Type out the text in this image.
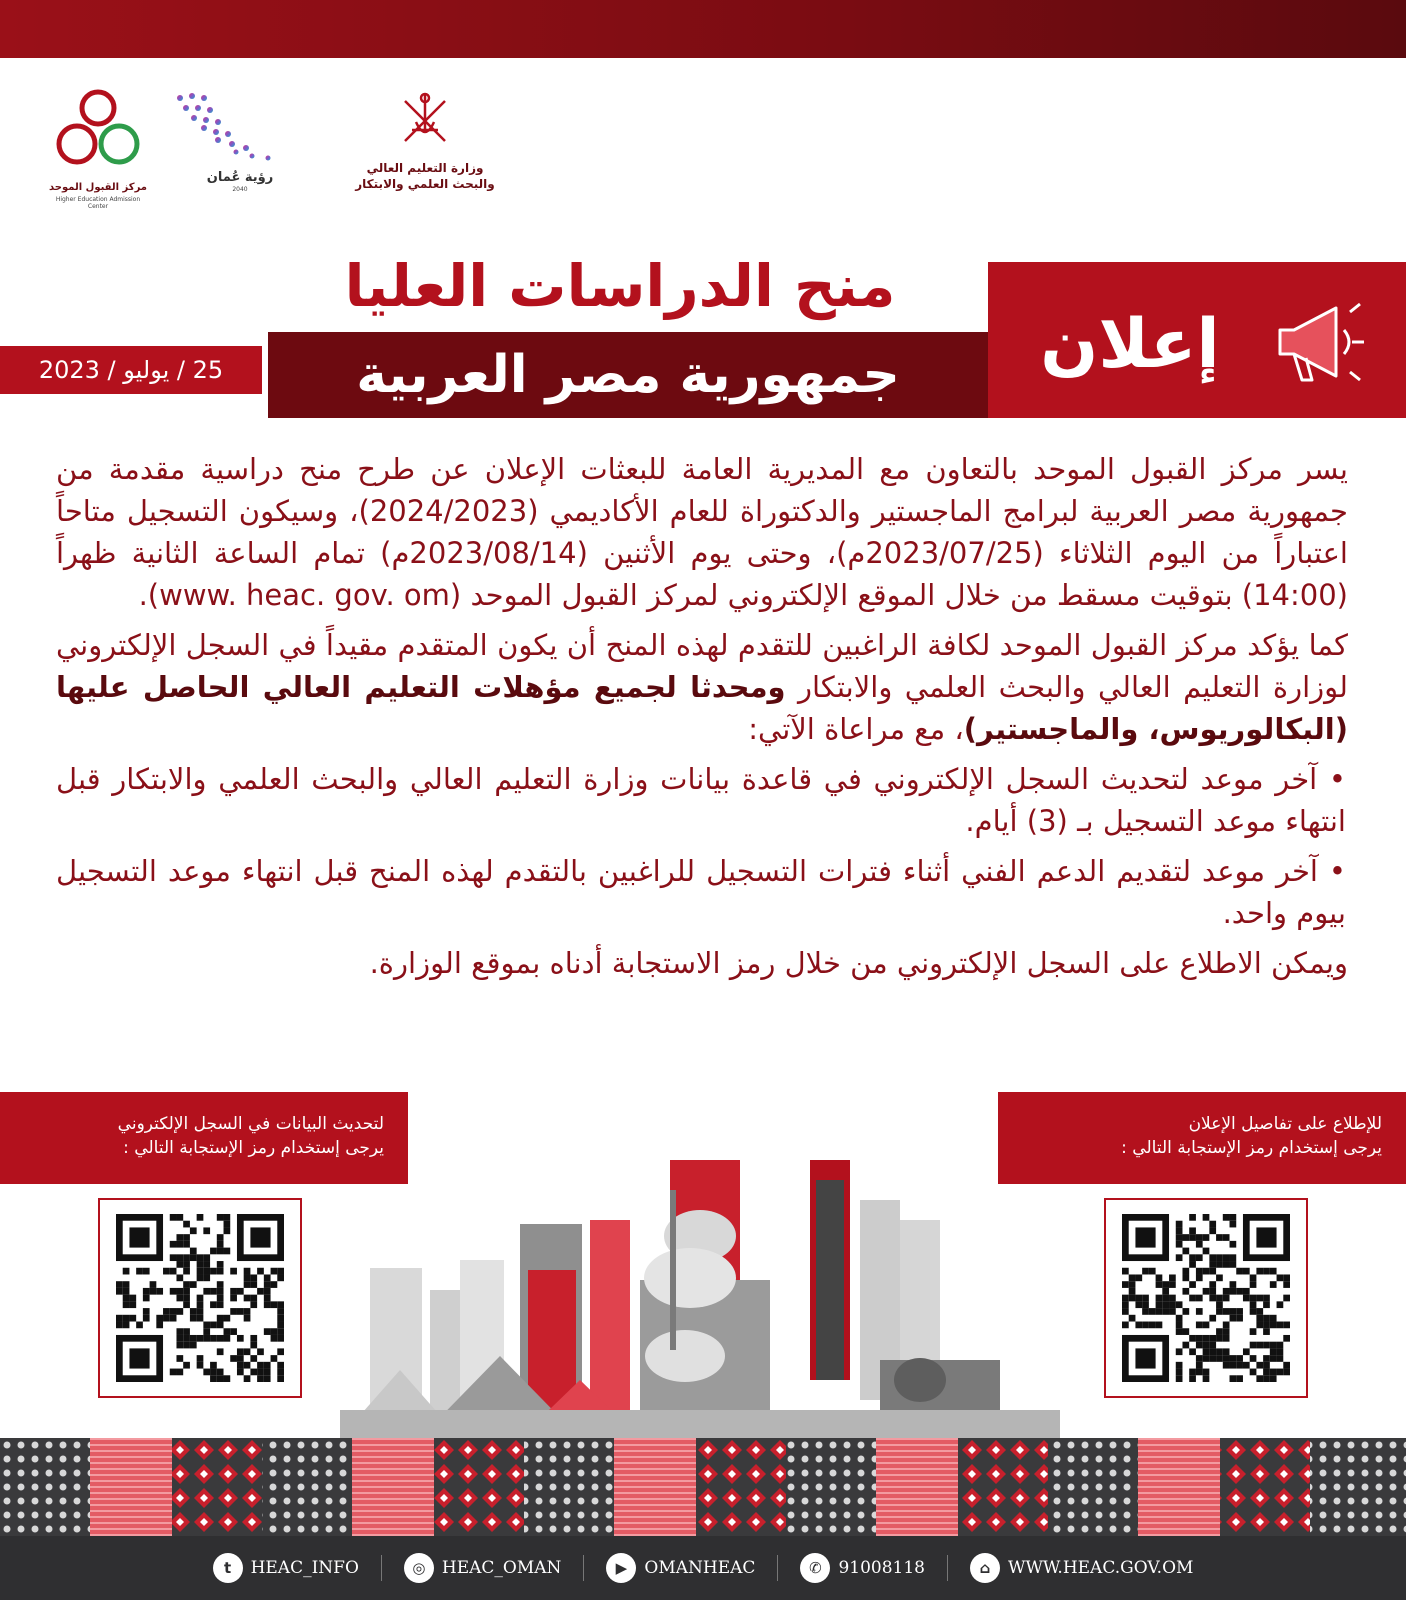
وزارة التعليم العالي
والبحث العلمي والابتكار
رؤية عُمان
2040
مركز القبول الموحد
Higher Education Admission Center
إعلان
منح الدراسات العليا
جمهورية مصر العربية
25 / يوليو / 2023

يسر مركز القبول الموحد بالتعاون مع المديرية العامة للبعثات الإعلان عن طرح منح دراسية مقدمة من جمهورية مصر العربية لبرامج الماجستير والدكتوراة للعام الأكاديمي (2024/2023)، وسيكون التسجيل متاحاً اعتباراً من اليوم الثلاثاء (2023/07/25م)، وحتى يوم الأثنين (2023/08/14م) تمام الساعة الثانية ظهراً (14:00) بتوقيت مسقط من خلال الموقع الإلكتروني لمركز القبول الموحد (www. heac. gov. om).

كما يؤكد مركز القبول الموحد لكافة الراغبين للتقدم لهذه المنح أن يكون المتقدم مقيداً في السجل الإلكتروني لوزارة التعليم العالي والبحث العلمي والابتكار ومحدثا لجميع مؤهلات التعليم العالي الحاصل عليها (البكالوريوس، والماجستير)، مع مراعاة الآتي:

• آخر موعد لتحديث السجل الإلكتروني في قاعدة بيانات وزارة التعليم العالي والبحث العلمي والابتكار قبل انتهاء موعد التسجيل بـ (3) أيام.

• آخر موعد لتقديم الدعم الفني أثناء فترات التسجيل للراغبين بالتقدم لهذه المنح قبل انتهاء موعد التسجيل بيوم واحد.

ويمكن الاطلاع على السجل الإلكتروني من خلال رمز الاستجابة أدناه بموقع الوزارة.

لتحديث البيانات في السجل الإلكتروني
يرجى إستخدام رمز الإستجابة التالي :
للإطلاع على تفاصيل الإعلان
يرجى إستخدام رمز الإستجابة التالي :
t	HEAC_INFO	◎ HEAC_OMAN	▶	OMANHEAC	✆ 91008118	⌂	WWW.HEAC.GOV.OM
